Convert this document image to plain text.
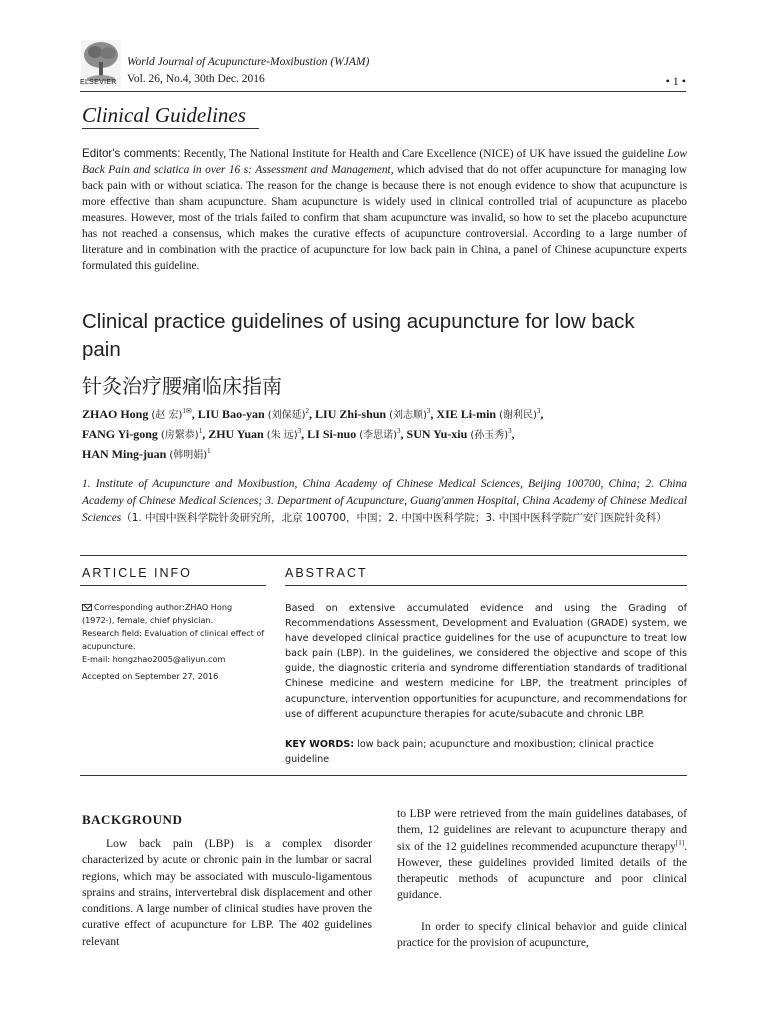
ELSEVIER
World Journal of Acupuncture-Moxibustion (WJAM)
Vol. 26, No.4, 30th Dec. 2016	• 1 •
Clinical Guidelines
Editor's comments: Recently, The National Institute for Health and Care Excellence (NICE) of UK have issued the guideline Low Back Pain and sciatica in over 16 s: Assessment and Management, which advised that do not offer acupuncture for managing low back pain with or without sciatica. The reason for the change is because there is not enough evidence to show that acupuncture is more effective than sham acupuncture. Sham acupuncture is widely used in clinical controlled trial of acupuncture as placebo measures. However, most of the trials failed to confirm that sham acupuncture was invalid, so how to set the placebo acupuncture has not reached a consensus, which makes the curative effects of acupuncture controversial. According to a large number of literature and in combination with the practice of acupuncture for low back pain in China, a panel of Chinese acupuncture experts formulated this guideline.
Clinical practice guidelines of using acupuncture for low back pain
针灸治疗腰痛临床指南
ZHAO Hong (赵 宏)$^{1✉}$, LIU Bao-yan (刘保延)$^2$, LIU Zhi-shun (刘志顺)$^3$, XIE Li-min (谢利民)$^3$,
FANG Yi-gong (房繄恭)$^1$, ZHU Yuan (朱 远)$^3$, LI Si-nuo (李思诺)$^3$, SUN Yu-xiu (孙玉秀)$^3$,
HAN Ming-juan (韩明娟)$^1$
1. Institute of Acupuncture and Moxibustion, China Academy of Chinese Medical Sciences, Beijing 100700, China; 2. China Academy of Chinese Medical Sciences; 3. Department of Acupuncture, Guang'anmen Hospital, China Academy of Chinese Medical Sciences（1. 中国中医科学院针灸研究所，北京 100700，中国；2. 中国中医科学院；3. 中国中医科学院广安门医院针灸科）
ARTICLE INFO	ABSTRACT
Corresponding author:ZHAO Hong
(1972-), female, chief physician.
Research field: Evaluation of clinical effect of acupuncture.
E-mail: hongzhao2005@aliyun.com
Accepted on September 27, 2016
Based on extensive accumulated evidence and using the Grading of Recommendations Assessment, Development and Evaluation (GRADE) system, we have developed clinical practice guidelines for the use of acupuncture to treat low back pain (LBP). In the guidelines, we considered the objective and scope of this guide, the diagnostic criteria and syndrome differentiation standards of traditional Chinese medicine and western medicine for LBP, the treatment principles of acupuncture, intervention opportunities for acupuncture, and recommendations for use of different acupuncture therapies for acute/subacute and chronic LBP.
KEY WORDS: low back pain; acupuncture and moxibustion; clinical practice guideline
BACKGROUND

Low back pain (LBP) is a complex disorder characterized by acute or chronic pain in the lumbar or sacral regions, which may be associated with musculo-ligamentous sprains and strains, intervertebral disk displacement and other conditions. A large number of clinical studies have proven the curative effect of acupuncture for LBP. The 402 guidelines relevant

to LBP were retrieved from the main guidelines databases, of them, 12 guidelines are relevant to acupuncture therapy and six of the 12 guidelines recommended acupuncture therapy[1]. However, these guidelines provided limited details of the therapeutic methods of acupuncture and poor clinical guidance.

In order to specify clinical behavior and guide clinical practice for the provision of acupuncture,
